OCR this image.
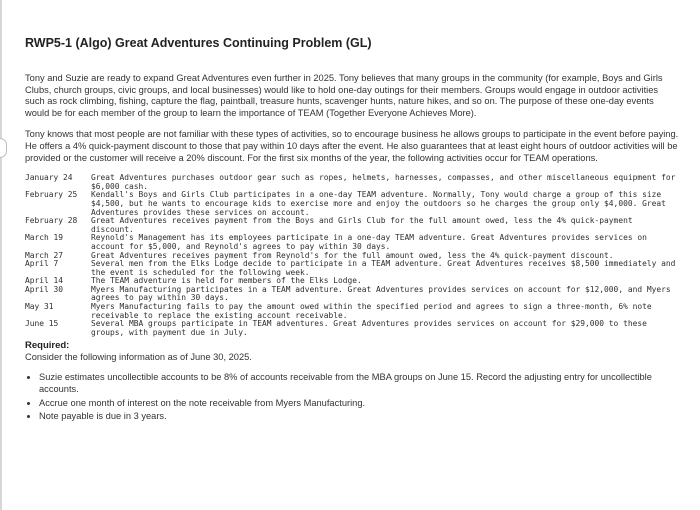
RWP5-1 (Algo) Great Adventures Continuing Problem (GL)

Tony and Suzie are ready to expand Great Adventures even further in 2025. Tony believes that many groups in the community (for example, Boys and Girls Clubs, church groups, civic groups, and local businesses) would like to hold one-day outings for their members. Groups would engage in outdoor activities such as rock climbing, fishing, capture the flag, paintball, treasure hunts, scavenger hunts, nature hikes, and so on. The purpose of these one-day events would be for each member of the group to learn the importance of TEAM (Together Everyone Achieves More).

Tony knows that most people are not familiar with these types of activities, so to encourage business he allows groups to participate in the event before paying. He offers a 4% quick-payment discount to those that pay within 10 days after the event. He also guarantees that at least eight hours of outdoor activities will be provided or the customer will receive a 20% discount. For the first six months of the year, the following activities occur for TEAM operations.

January 24	Great Adventures purchases outdoor gear such as ropes, helmets, harnesses, compasses, and other miscellaneous equipment for $6,000 cash.
February 25	Kendall's Boys and Girls Club participates in a one-day TEAM adventure. Normally, Tony would charge a group of this size $4,500, but he wants to encourage kids to exercise more and enjoy the outdoors so he charges the group only $4,000. Great Adventures provides these services on account.
February 28	Great Adventures receives payment from the Boys and Girls Club for the full amount owed, less the 4% quick-payment discount.
March 19	Reynold's Management has its employees participate in a one-day TEAM adventure. Great Adventures provides services on account for $5,000, and Reynold's agrees to pay within 30 days.
March 27	Great Adventures receives payment from Reynold's for the full amount owed, less the 4% quick-payment discount.
April 7	Several men from the Elks Lodge decide to participate in a TEAM adventure. Great Adventures receives $8,500 immediately and the event is scheduled for the following week.
April 14	The TEAM adventure is held for members of the Elks Lodge.
April 30	Myers Manufacturing participates in a TEAM adventure. Great Adventures provides services on account for $12,000, and Myers agrees to pay within 30 days.
May 31	Myers Manufacturing fails to pay the amount owed within the specified period and agrees to sign a three-month, 6% note receivable to replace the existing account receivable.
June 15	Several MBA groups participate in TEAM adventures. Great Adventures provides services on account for $29,000 to these groups, with payment due in July.
Required:
Consider the following information as of June 30, 2025.
• Suzie estimates uncollectible accounts to be 8% of accounts receivable from the MBA groups on June 15. Record the adjusting entry for uncollectible accounts.
• Accrue one month of interest on the note receivable from Myers Manufacturing.
• Note payable is due in 3 years.
